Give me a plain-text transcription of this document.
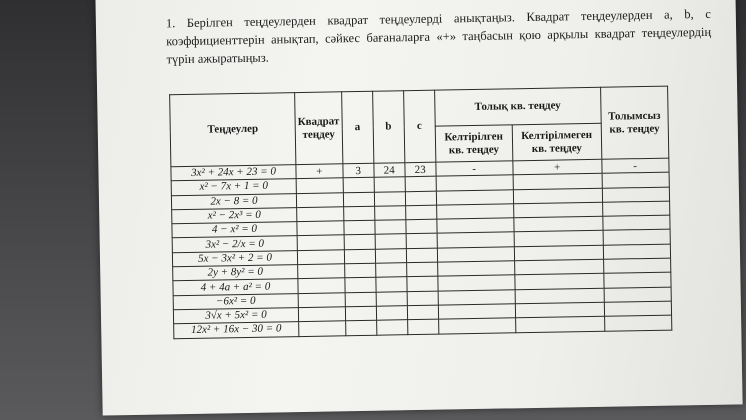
1. Берілген теңдеулерден квадрат теңдеулерді анықтаңыз. Квадрат теңдеулерден a, b, c коэффициенттерін анықтап, сәйкес бағаналарға «+» таңбасын қою арқылы квадрат теңдеулердің түрін ажыратыңыз.
Теңдеулер	Квадрат теңдеу	a	b	c	Толық кв. теңдеу		Толымсыз кв. теңдеу
					Келтірілген кв. теңдеу	Келтірілмеген кв. теңдеу	
3x² + 24x + 23 = 0	+	3	24	23	-	+	-
x² − 7x + 1 = 0							
2x − 8 = 0							
x² − 2x³ = 0							
4 − x² = 0							
3x² − 2/x = 0							
5x − 3x² + 2 = 0							
2y + 8y² = 0							
4 + 4a + a² = 0							
−6x² = 0							
3√x + 5x² = 0							
12x² + 16x − 30 = 0							
